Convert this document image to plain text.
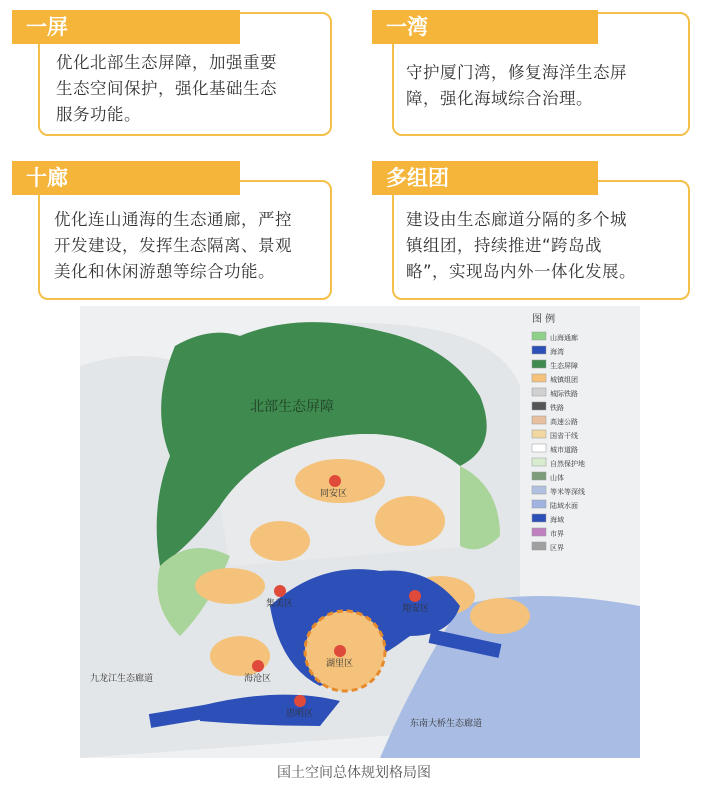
一屏
优化北部生态屏障，加强重要
生态空间保护，强化基础生态
服务功能。
一湾
守护厦门湾，修复海洋生态屏
障，强化海域综合治理。
十廊
优化连山通海的生态通廊，严控
开发建设，发挥生态隔离、景观
美化和休闲游憩等综合功能。
多组团
建设由生态廊道分隔的多个城
镇组团，持续推进“跨岛战
略”，实现岛内外一体化发展。
北部生态屏障
同安区
集美区	翔安区
湖里区
海沧区
思明区
九龙江生态廊道
东南大桥生态廊道
图 例
山海通廊
海湾
生态屏障
城镇组团
城际铁路
铁路
高速公路
国省干线
城市道路
自然保护地
山体
等米等深线
陆域水面
海域
市界
区界
国土空间总体规划格局图
